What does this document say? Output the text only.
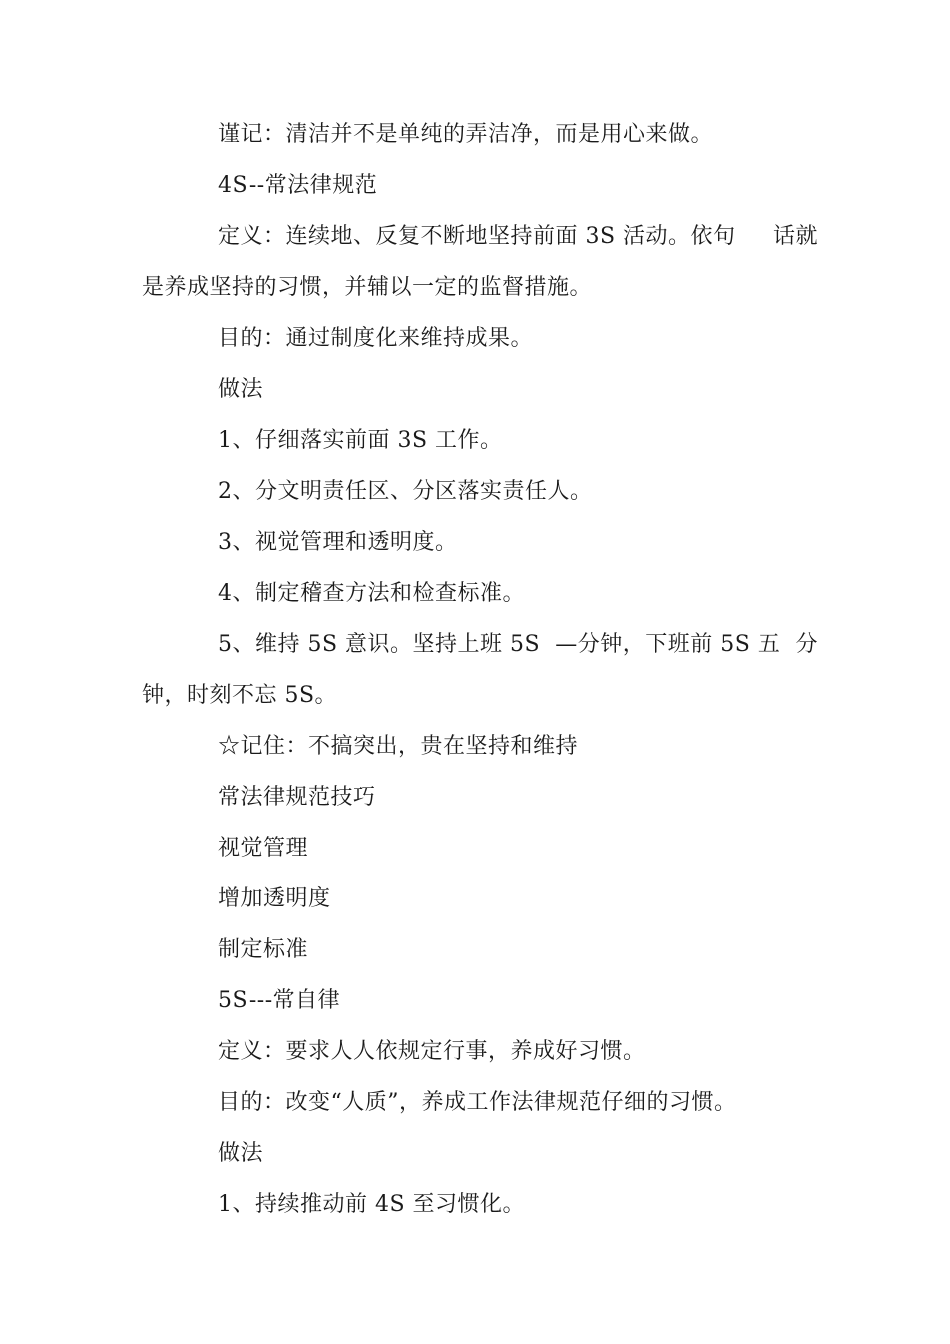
谨记：清洁并不是单纯的弄洁净，而是用心来做。
4S--常法律规范
定义：连续地、反复不断地坚持前面 3S 活动。依句 话就
是养成坚持的习惯，并辅以一定的监督措施。
目的：通过制度化来维持成果。
做法
1、仔细落实前面 3S 工作。
2、分文明责任区、分区落实责任人。
3、视觉管理和透明度。
4、制定稽查方法和检查标准。
5、维持 5S 意识。坚持上班 5S —分钟，下班前 5S 五 分
钟，时刻不忘 5S。
☆记住：不搞突出，贵在坚持和维持
常法律规范技巧
视觉管理
增加透明度
制定标准
5S---常自律
定义：要求人人依规定行事，养成好习惯。
目的：改变“人质”，养成工作法律规范仔细的习惯。
做法
1、持续推动前 4S 至习惯化。
